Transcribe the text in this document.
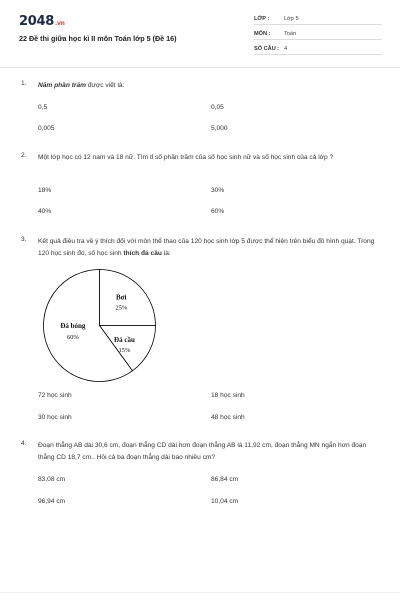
2048.vn
22 Đề thi giữa học kì II môn Toán lớp 5 (Đề 16)
LỚP :	Lớp 5
MÔN : Toán
SỐ CÂU : 4
1. Năm phần trăm được viết là:
0,5	0,05
0,005	5,000
2. Một lớp học có 12 nam và 18 nữ. Tìm tỉ số phần trăm của số học sinh nữ và số học sinh của cả lớp ?
18%	30%
40%	60%
3. Kết quả điều tra về ý thích đối với môn thể thao của 120 học sinh lớp 5 được thể hiện trên biểu đồ hình quạt. Trong 120 học sinh đó, số học sinh thích đá cầu là:
Bơi
25%
Đá cầu
15%
Đá bóng
60%
72 học sinh	18 học sinh
30 học sinh	48 học sinh
4. Đoạn thẳng AB dài 30,6 cm, đoạn thẳng CD dài hơn đoạn thẳng AB là 11,92 cm, đoạn thẳng MN ngắn hơn đoạn thẳng CD 18,7 cm.. Hỏi cả ba đoạn thẳng dài bao nhiêu cm?
83,08 cm	86,84 cm
96,94 cm	10,04 cm
